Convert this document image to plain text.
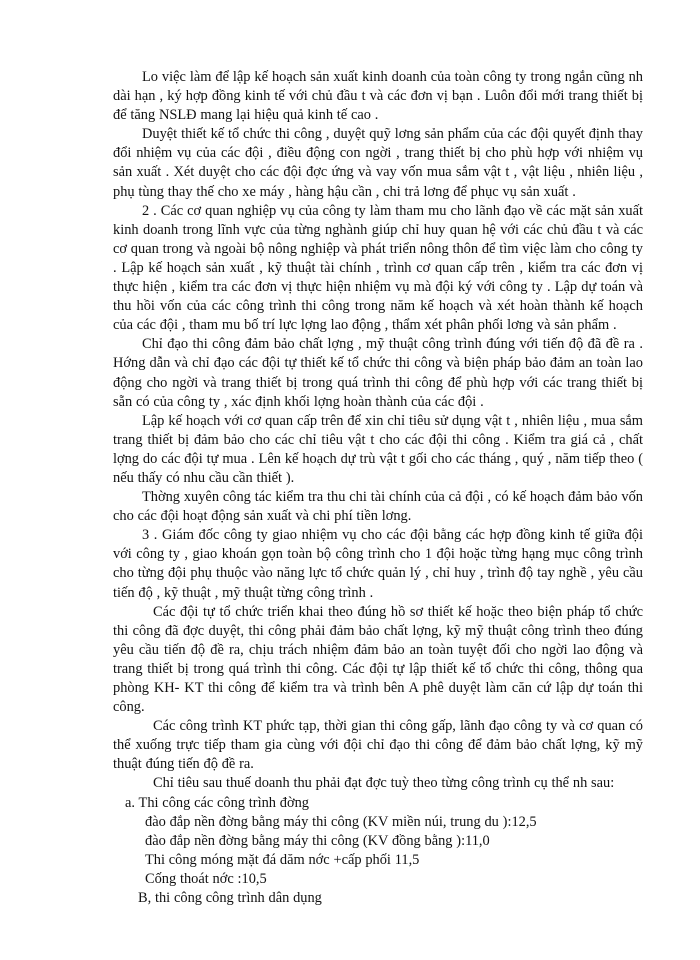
Lo việc làm để lập kế hoạch sản xuất kinh doanh của toàn công ty trong ngắn cũng nh dài hạn , ký hợp đồng kinh tế với chủ đầu t và các đơn vị bạn . Luôn đổi mới trang thiết bị để tăng NSLĐ mang lại hiệu quả kinh tế cao .

Duyệt thiết kế tổ chức thi công , duyệt quỹ lơng sản phẩm của các đội quyết định thay đổi nhiệm vụ của các đội , điều động con ngời , trang thiết bị cho phù hợp với nhiệm vụ sản xuất . Xét duyệt cho các đội đợc ứng và vay vốn mua sắm vật t , vật liệu , nhiên liệu , phụ tùng thay thế cho xe máy , hàng hậu cần , chi trả lơng để phục vụ sản xuất .

2 . Các cơ quan nghiệp vụ của công ty làm tham mu cho lãnh đạo về các mặt sản xuất kinh doanh trong lĩnh vực của từng nghành giúp chỉ huy quan hệ với các chủ đầu t và các cơ quan trong và ngoài bộ nông nghiệp và phát triển nông thôn để tìm việc làm cho công ty . Lập kế hoạch sản xuất , kỹ thuật tài chính , trình cơ quan cấp trên , kiểm tra các đơn vị thực hiện , kiểm tra các đơn vị thực hiện nhiệm vụ mà đội ký với công ty . Lập dự toán và thu hồi vốn của các công trình thi công trong năm kế hoạch và xét hoàn thành kế hoạch của các đội , tham mu bố trí lực lợng lao động , thẩm xét phân phối lơng và sản phẩm .

Chỉ đạo thi công đảm bảo chất lợng , mỹ thuật công trình đúng với tiến độ đã đề ra . Hớng dẫn và chỉ đạo các đội tự thiết kế tổ chức thi công và biện pháp bảo đảm an toàn lao động cho ngời và trang thiết bị trong quá trình thi công để phù hợp với các trang thiết bị sẵn có của công ty , xác định khối lợng hoàn thành của các đội .

Lập kế hoạch với cơ quan cấp trên để xin chỉ tiêu sử dụng vật t , nhiên liệu , mua sắm trang thiết bị đảm bảo cho các chỉ tiêu vật t cho các đội thi công . Kiểm tra giá cả , chất lợng do các đội tự mua . Lên kế hoạch dự trù vật t gối cho các tháng , quý , năm tiếp theo ( nếu thấy có nhu cầu cần thiết ).

Thờng xuyên công tác kiểm tra thu chi tài chính của cả đội , có kế hoạch đảm bảo vốn cho các đội hoạt động sản xuất và chi phí tiền lơng.

3 . Giám đốc công ty giao nhiệm vụ cho các đội bằng các hợp đồng kinh tế giữa đội với công ty , giao khoán gọn toàn bộ công trình cho 1 đội hoặc từng hạng mục công trình cho từng đội phụ thuộc vào năng lực tổ chức quản lý , chỉ huy , trình độ tay nghề , yêu cầu tiến độ , kỹ thuật , mỹ thuật từng công trình .

Các đội tự tổ chức triển khai theo đúng hồ sơ thiết kế hoặc theo biện pháp tổ chức thi công đã đợc duyệt, thi công phải đảm bảo chất lợng, kỹ mỹ thuật công trình theo đúng yêu cầu tiến độ đề ra, chịu trách nhiệm đảm bảo an toàn tuyệt đối cho ngời lao động và trang thiết bị trong quá trình thi công. Các đội tự lập thiết kế tổ chức thi công, thông qua phòng KH- KT thi công để kiểm tra và trình bên A phê duyệt làm căn cứ lập dự toán thi công.

Các công trình KT phức tạp, thời gian thi công gấp, lãnh đạo công ty và cơ quan có thể xuống trực tiếp tham gia cùng với đội chỉ đạo thi công để đảm bảo chất lợng, kỹ mỹ thuật đúng tiến độ đề ra.

Chỉ tiêu sau thuế doanh thu phải đạt đợc tuỳ theo từng công trình cụ thể nh sau:

a. Thi công các công trình đờng
đào đắp nền đờng bằng máy thi công (KV miền núi, trung du ):12,5
đào đắp nền đờng bằng máy thi công (KV đồng bằng ):11,0
Thi công móng mặt đá dăm nớc +cấp phối 11,5
Cống thoát nớc :10,5
B, thi công công trình dân dụng
